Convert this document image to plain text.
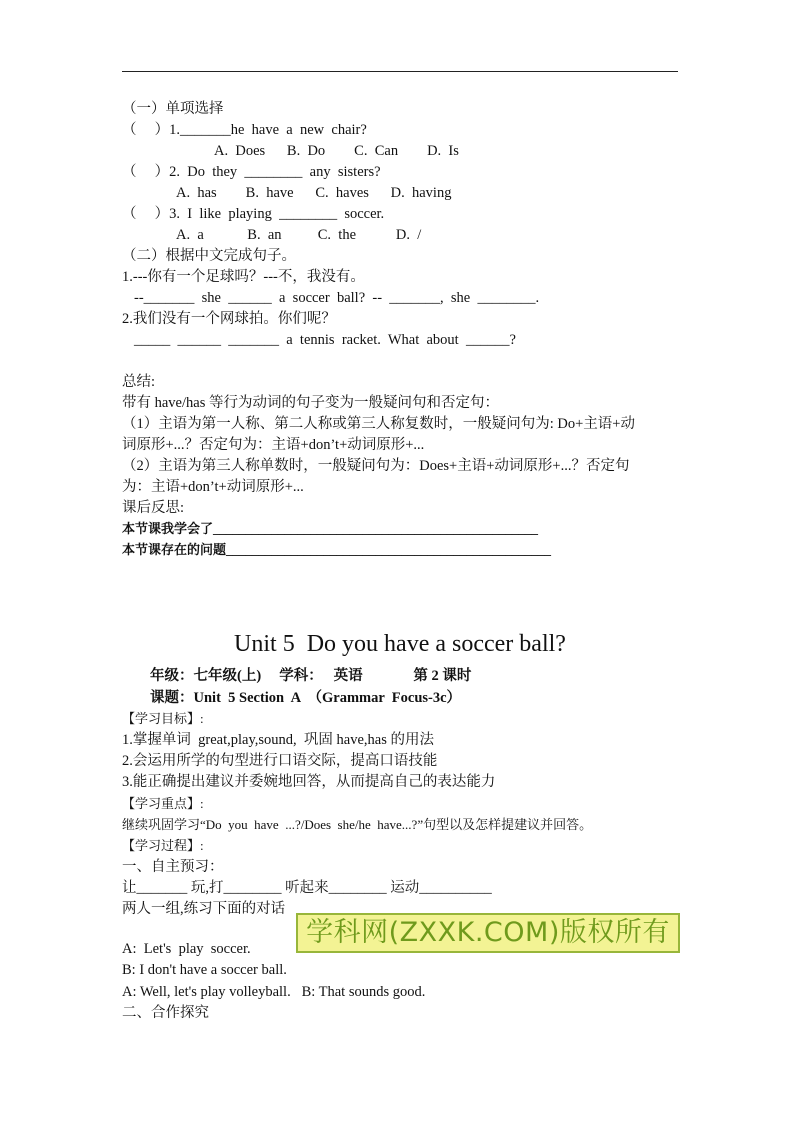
（一）单项选择
（     ）1._______he  have  a  new  chair?
A.  Does      B.  Do        C.  Can        D.  Is
（     ）2.  Do  they  ________  any  sisters?
A.  has        B.  have      C.  haves      D.  having
（     ）3.  I  like  playing  ________  soccer.
A.  a            B.  an          C.  the           D.  /
（二）根据中文完成句子。
1.---你有一个足球吗？---不，我没有。
--_______  she  ______  a  soccer  ball?  --  _______,  she  ________.
2.我们没有一个网球拍。你们呢？
_____  ______  _______  a  tennis  racket.  What  about  ______?
总结:
带有 have/has 等行为动词的句子变为一般疑问句和否定句：
（1）主语为第一人称、第二人称或第三人称复数时，一般疑问句为: Do+主语+动
词原形+...？否定句为：主语+don’t+动词原形+...
（2）主语为第三人称单数时，一般疑问句为：Does+主语+动词原形+...？否定句
为：主语+don’t+动词原形+...
课后反思:
本节课我学会了__________________________________________________
本节课存在的问题__________________________________________________
Unit 5  Do you have a soccer ball?
年级：七年级(上)     学科：   英语              第 2 课时
课题：Unit  5 Section  A  （Grammar  Focus-3c）
【学习目标】:
1.掌握单词  great,play,sound,  巩固 have,has 的用法
2.会运用所学的句型进行口语交际，提高口语技能
3.能正确提出建议并委婉地回答，从而提高自己的表达能力
【学习重点】:
继续巩固学习“Do  you  have  ...?/Does  she/he  have...?”句型以及怎样提建议并回答。
【学习过程】:
一、自主预习：
让_______ 玩,打________ 听起来________ 运动__________
两人一组,练习下面的对话
学科网(ZXXK.COM)版权所有
A:  Let's  play  soccer.
B: I don't have a soccer ball.
A: Well, let's play volleyball.   B: That sounds good.
二、合作探究
